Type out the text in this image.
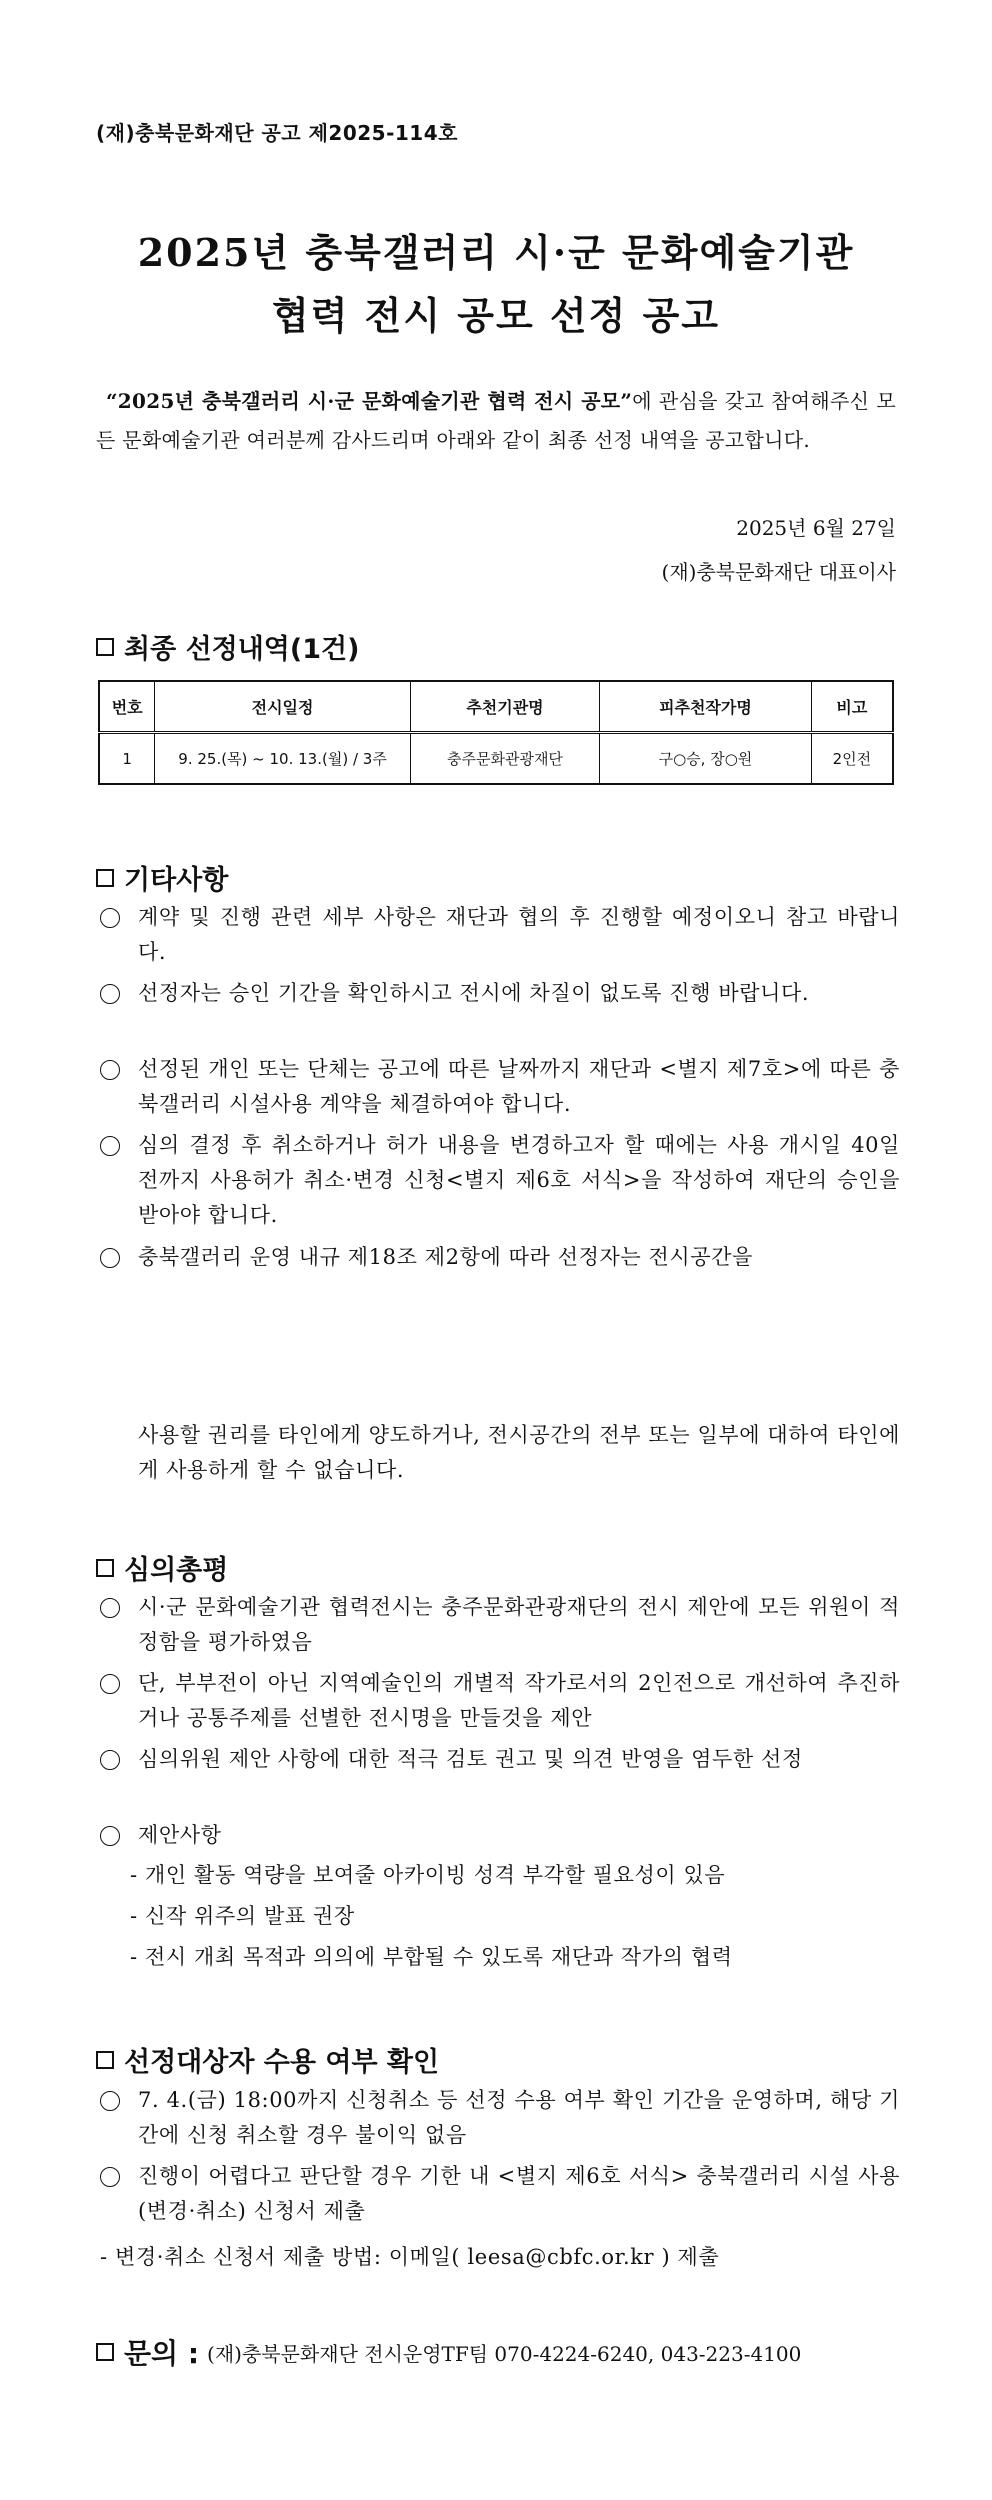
(재)충북문화재단 공고 제2025-114호
2025년 충북갤러리 시·군 문화예술기관
협력 전시 공모 선정 공고
“2025년 충북갤러리 시·군 문화예술기관 협력 전시 공모”에 관심을 갖고 참여해주신 모든 문화예술기관 여러분께 감사드리며 아래와 같이 최종 선정 내역을 공고합니다.
2025년 6월 27일
(재)충북문화재단 대표이사
최종 선정내역(1건)
번호	전시일정	추천기관명	피추천작가명	비고
1	9. 25.(목) ~ 10. 13.(월) / 3주	충주문화관광재단	구○승, 장○원	2인전
기타사항
계약 및 진행 관련 세부 사항은 재단과 협의 후 진행할 예정이오니 참고 바랍니다.
선정자는 승인 기간을 확인하시고 전시에 차질이 없도록 진행 바랍니다.
선정된 개인 또는 단체는 공고에 따른 날짜까지 재단과 <별지 제7호>에 따른 충북갤러리 시설사용 계약을 체결하여야 합니다.
심의 결정 후 취소하거나 허가 내용을 변경하고자 할 때에는 사용 개시일 40일 전까지 사용허가 취소·변경 신청<별지 제6호 서식>을 작성하여 재단의 승인을 받아야 합니다.
충북갤러리 운영 내규 제18조 제2항에 따라 선정자는 전시공간을
사용할 권리를 타인에게 양도하거나, 전시공간의 전부 또는 일부에 대하여 타인에게 사용하게 할 수 없습니다.
심의총평
시·군 문화예술기관 협력전시는 충주문화관광재단의 전시 제안에 모든 위원이 적정함을 평가하였음
단, 부부전이 아닌 지역예술인의 개별적 작가로서의 2인전으로 개선하여 추진하거나 공통주제를 선별한 전시명을 만들것을 제안
심의위원 제안 사항에 대한 적극 검토 권고 및 의견 반영을 염두한 선정
제안사항
- 개인 활동 역량을 보여줄 아카이빙 성격 부각할 필요성이 있음
- 신작 위주의 발표 권장
- 전시 개최 목적과 의의에 부합될 수 있도록 재단과 작가의 협력
선정대상자 수용 여부 확인
7. 4.(금) 18:00까지 신청취소 등 선정 수용 여부 확인 기간을 운영하며, 해당 기간에 신청 취소할 경우 불이익 없음
진행이 어렵다고 판단할 경우 기한 내 <별지 제6호 서식> 충북갤러리 시설 사용 (변경·취소) 신청서 제출
- 변경·취소 신청서 제출 방법: 이메일( leesa@cbfc.or.kr ) 제출
문의 : (재)충북문화재단 전시운영TF팀 070-4224-6240, 043-223-4100
